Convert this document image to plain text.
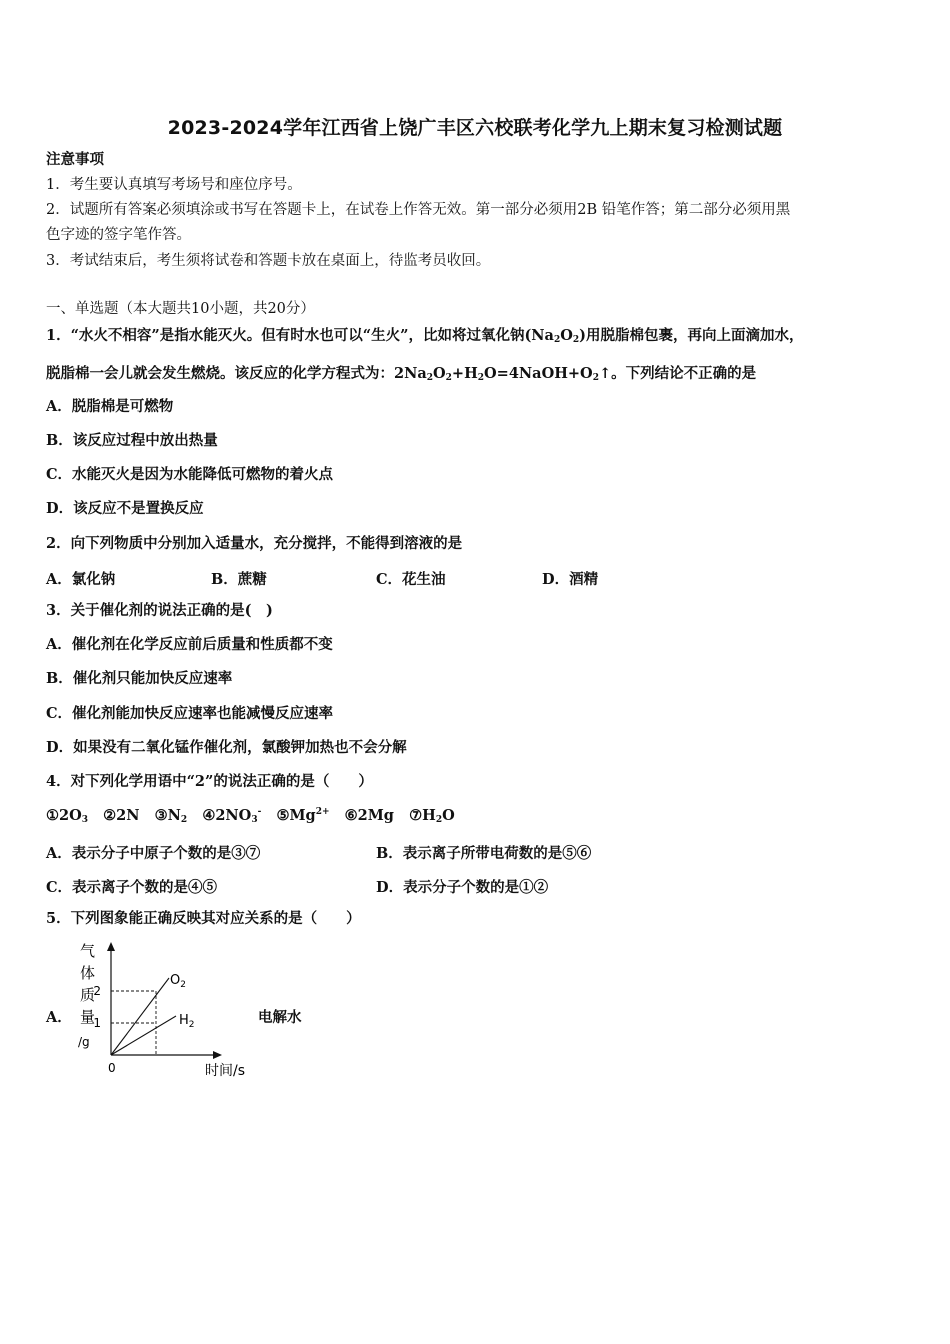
2023-2024学年江西省上饶广丰区六校联考化学九上期末复习检测试题
注意事项
1．考生要认真填写考场号和座位序号。
2．试题所有答案必须填涂或书写在答题卡上，在试卷上作答无效。第一部分必须用2B 铅笔作答；第二部分必须用黑
色字迹的签字笔作答。
3．考试结束后，考生须将试卷和答题卡放在桌面上，待监考员收回。
一、单选题（本大题共10小题，共20分）
1．“水火不相容”是指水能灭火。但有时水也可以“生火”，比如将过氧化钠$(Na_2O_2)$用脱脂棉包裹，再向上面滴加水，
脱脂棉一会儿就会发生燃烧。该反应的化学方程式为：$2Na_2O_2+H_2O=4NaOH+O_2↑$。下列结论不正确的是
A．脱脂棉是可燃物
B．该反应过程中放出热量
C．水能灭火是因为水能降低可燃物的着火点
D．该反应不是置换反应
2．向下列物质中分别加入适量水，充分搅拌，不能得到溶液的是
A．氯化钠	B．蔗糖	C．花生油	D．酒精
3．关于催化剂的说法正确的是(　)
A．催化剂在化学反应前后质量和性质都不变
B．催化剂只能加快反应速率
C．催化剂能加快反应速率也能减慢反应速率
D．如果没有二氧化锰作催化剂，氯酸钾加热也不会分解
4．对下列化学用语中“2”的说法正确的是（　　）
$①2O_3$ ②2N $③N_2$ $④2NO_3^-$ $⑤Mg^{2+}$ ⑥2Mg $⑦H_2O$
A．表示分子中原子个数的是③⑦	B．表示离子所带电荷数的是⑤⑥
C．表示离子个数的是④⑤	D．表示分子个数的是①②
5．下列图象能正确反映其对应关系的是（　　）
A．	电解水
气
体
质
量
/g
2
1
0
$O_2$
$H_2$
时间/s
